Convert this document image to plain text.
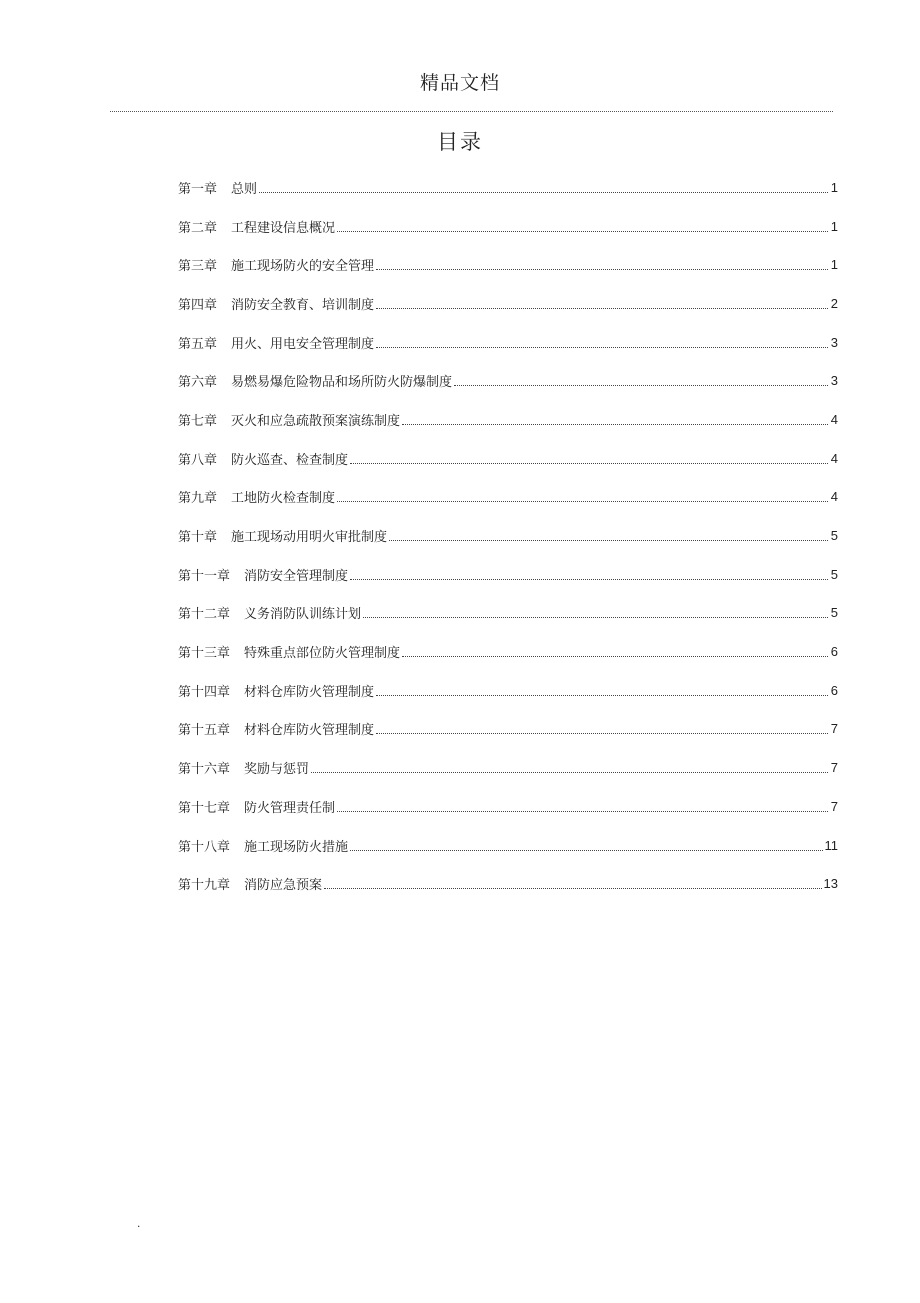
精品文档
目录
第一章 总则	1
第二章 工程建设信息概况	1
第三章 施工现场防火的安全管理	1
第四章 消防安全教育、培训制度	2
第五章 用火、用电安全管理制度	3
第六章 易燃易爆危险物品和场所防火防爆制度	3
第七章 灭火和应急疏散预案演练制度	4
第八章 防火巡查、检查制度	4
第九章 工地防火检查制度	4
第十章 施工现场动用明火审批制度	5
第十一章 消防安全管理制度	5
第十二章 义务消防队训练计划	5
第十三章 特殊重点部位防火管理制度	6
第十四章 材料仓库防火管理制度	6
第十五章 材料仓库防火管理制度	7
第十六章 奖励与惩罚	7
第十七章 防火管理责任制	7
第十八章 施工现场防火措施	11
第十九章 消防应急预案	13
.
